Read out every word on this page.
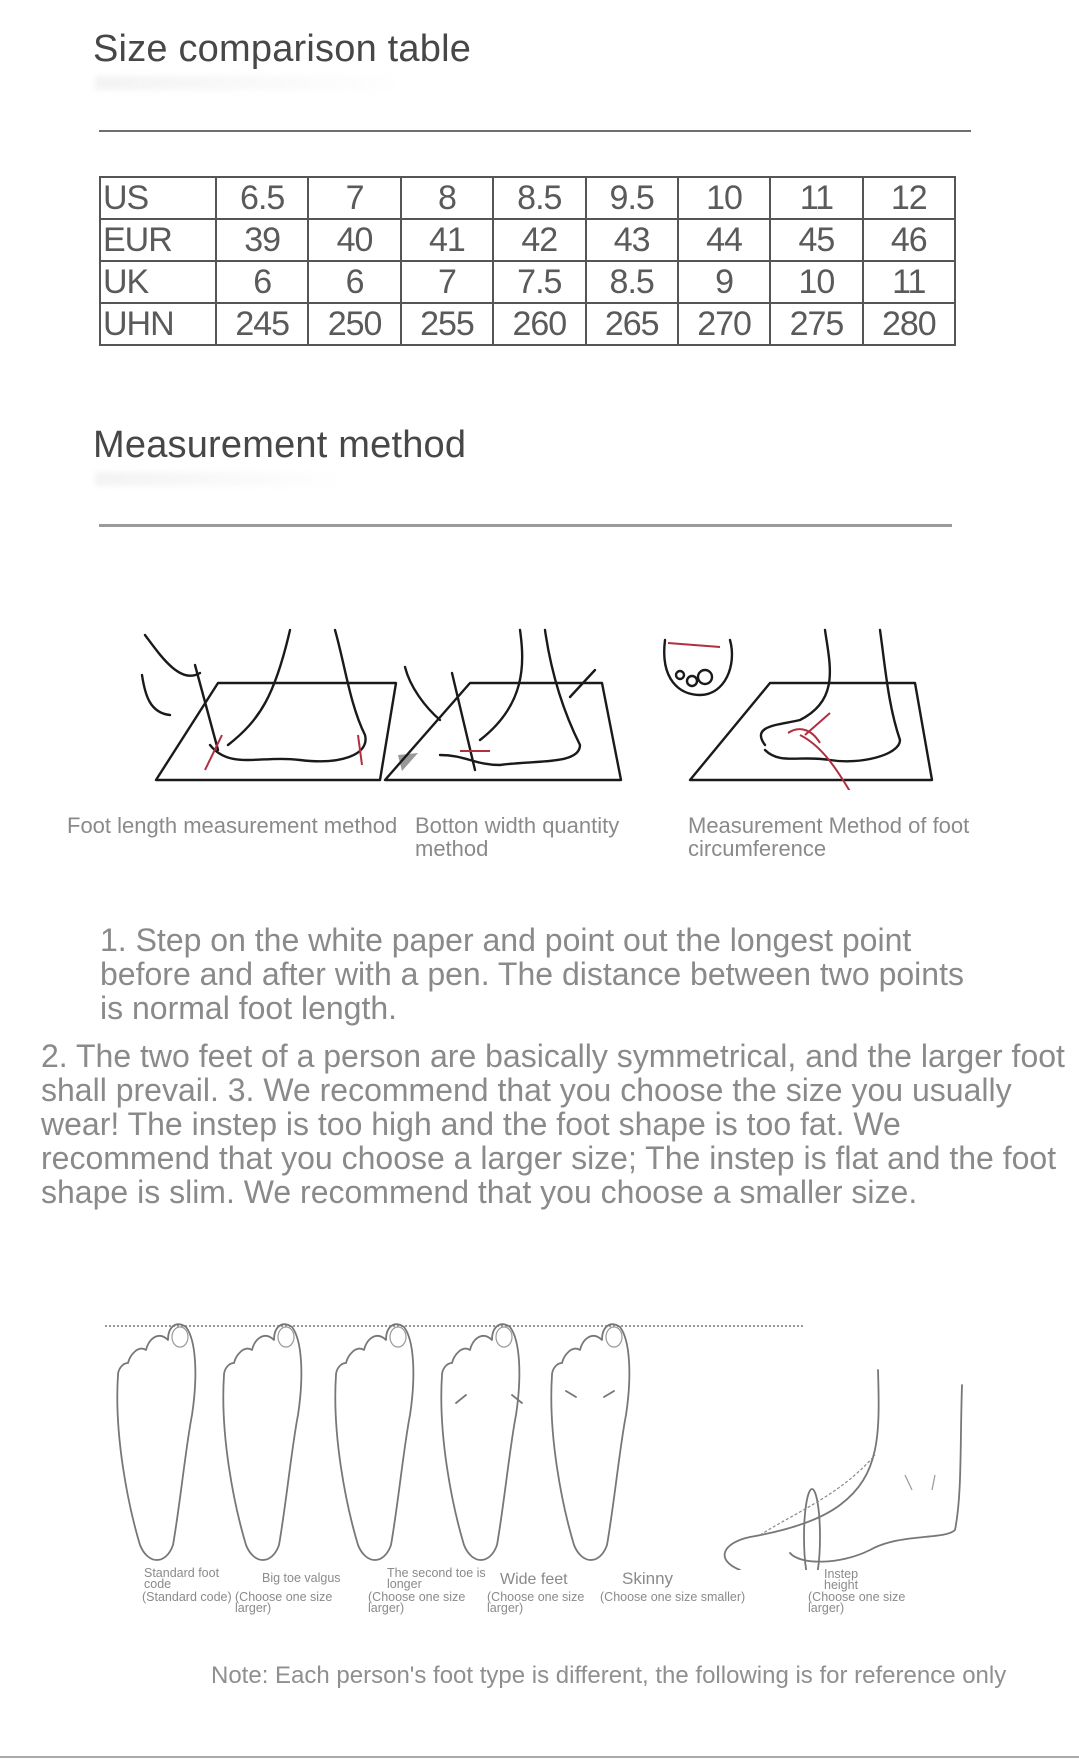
Size comparison table
US	6.5	7	8	8.5	9.5	10	11	12
EUR	39	40	41	42	43	44	45	46
UK	6	6	7	7.5	8.5	9	10	11
UHN	245	250	255	260	265	270	275	280
Measurement method
Foot length measurement method Botton width quantity method
Measurement Method of foot circumference
1. Step on the white paper and point out the longest point before and after with a pen. The distance between two points is normal foot length.
2. The two feet of a person are basically symmetrical, and the larger foot shall prevail. 3. We recommend that you choose the size you usually wear! The instep is too high and the foot shape is too fat. We recommend that you choose a larger size; The instep is flat and the foot shape is slim. We recommend that you choose a smaller size.
Standard foot code
(Standard code)
Big toe valgus
(Choose one size larger)
The second toe is longer
(Choose one size larger)
Wide feet
(Choose one size larger)
Skinny
(Choose one size smaller)
Instep height
(Choose one size larger)
Note: Each person's foot type is different, the following is for reference only
